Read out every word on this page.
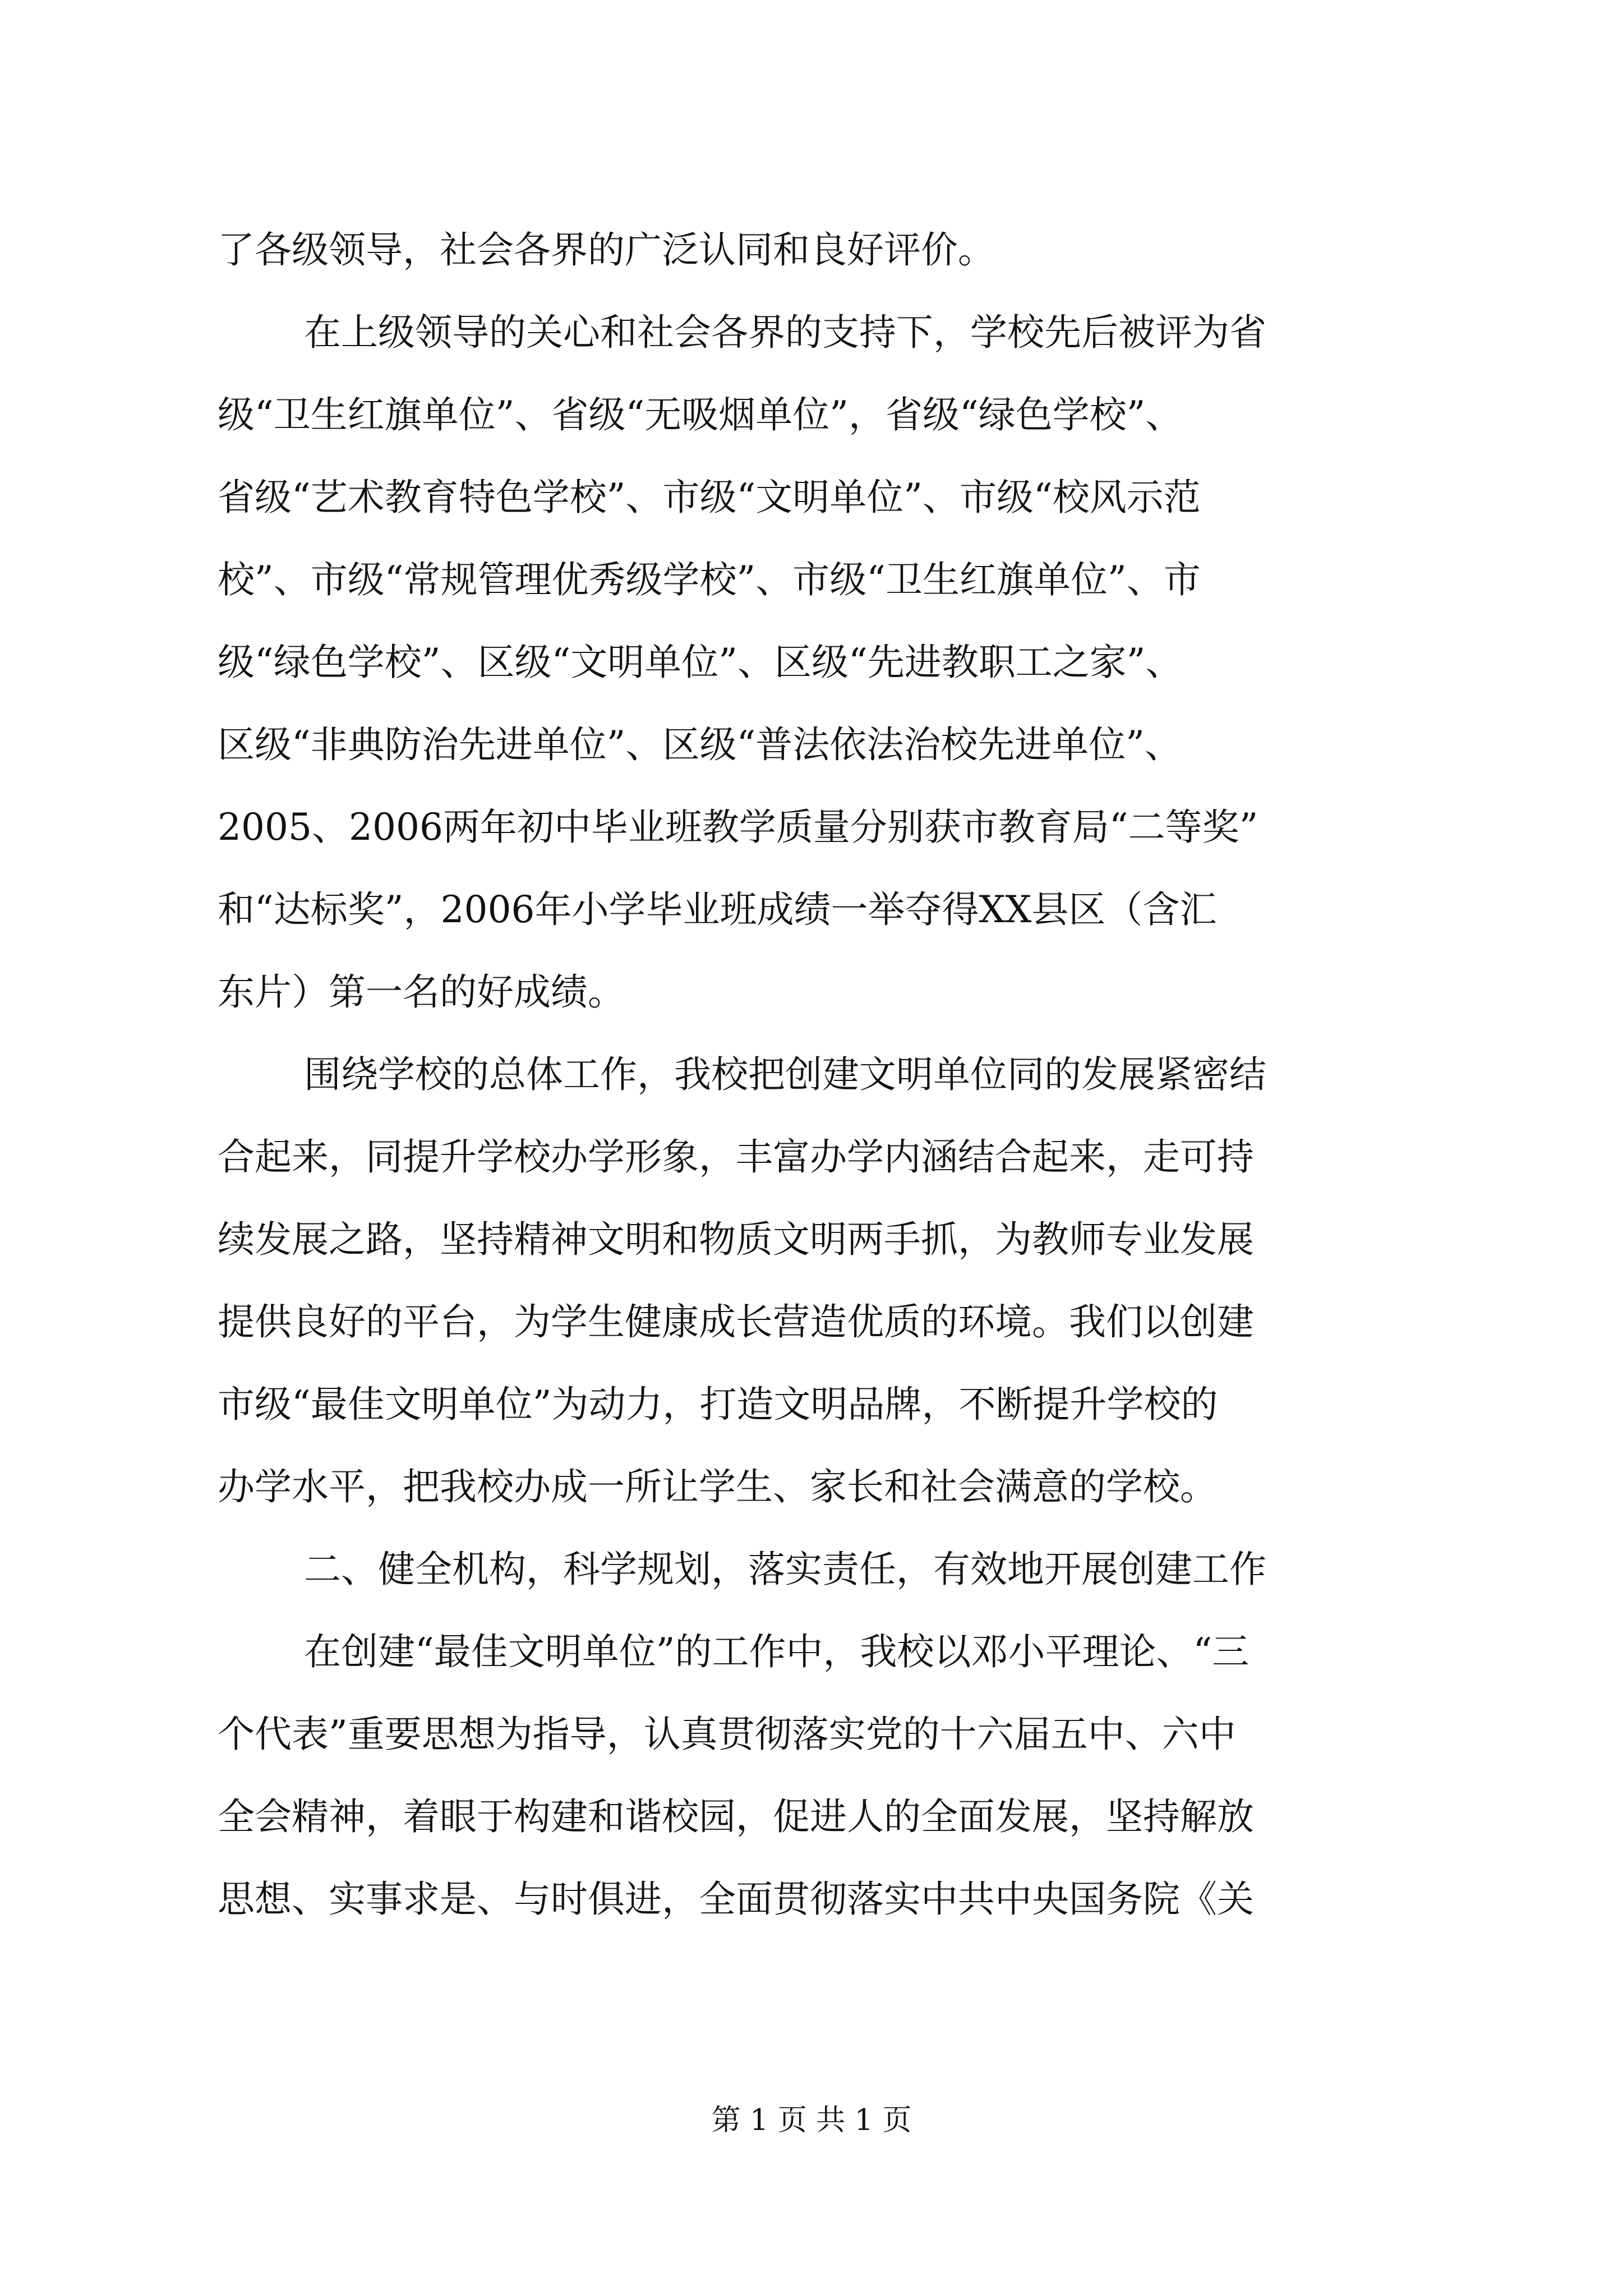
了各级领导，社会各界的广泛认同和良好评价。
在上级领导的关心和社会各界的支持下，学校先后被评为省
级“卫生红旗单位”、省级“无吸烟单位”，省级“绿色学校”、
省级“艺术教育特色学校”、市级“文明单位”、市级“校风示范
校”、市级“常规管理优秀级学校”、市级“卫生红旗单位”、市
级“绿色学校”、区级“文明单位”、区级“先进教职工之家”、
区级“非典防治先进单位”、区级“普法依法治校先进单位”、
2005、2006两年初中毕业班教学质量分别获市教育局“二等奖”
和“达标奖”，2006年小学毕业班成绩一举夺得XX县区（含汇
东片）第一名的好成绩。
围绕学校的总体工作，我校把创建文明单位同的发展紧密结
合起来，同提升学校办学形象，丰富办学内涵结合起来，走可持
续发展之路，坚持精神文明和物质文明两手抓，为教师专业发展
提供良好的平台，为学生健康成长营造优质的环境。我们以创建
市级“最佳文明单位”为动力，打造文明品牌，不断提升学校的
办学水平，把我校办成一所让学生、家长和社会满意的学校。
二、健全机构，科学规划，落实责任，有效地开展创建工作
在创建“最佳文明单位”的工作中，我校以邓小平理论、“三
个代表”重要思想为指导，认真贯彻落实党的十六届五中、六中
全会精神，着眼于构建和谐校园，促进人的全面发展，坚持解放
思想、实事求是、与时俱进，全面贯彻落实中共中央国务院《关
第 1 页 共 1 页
